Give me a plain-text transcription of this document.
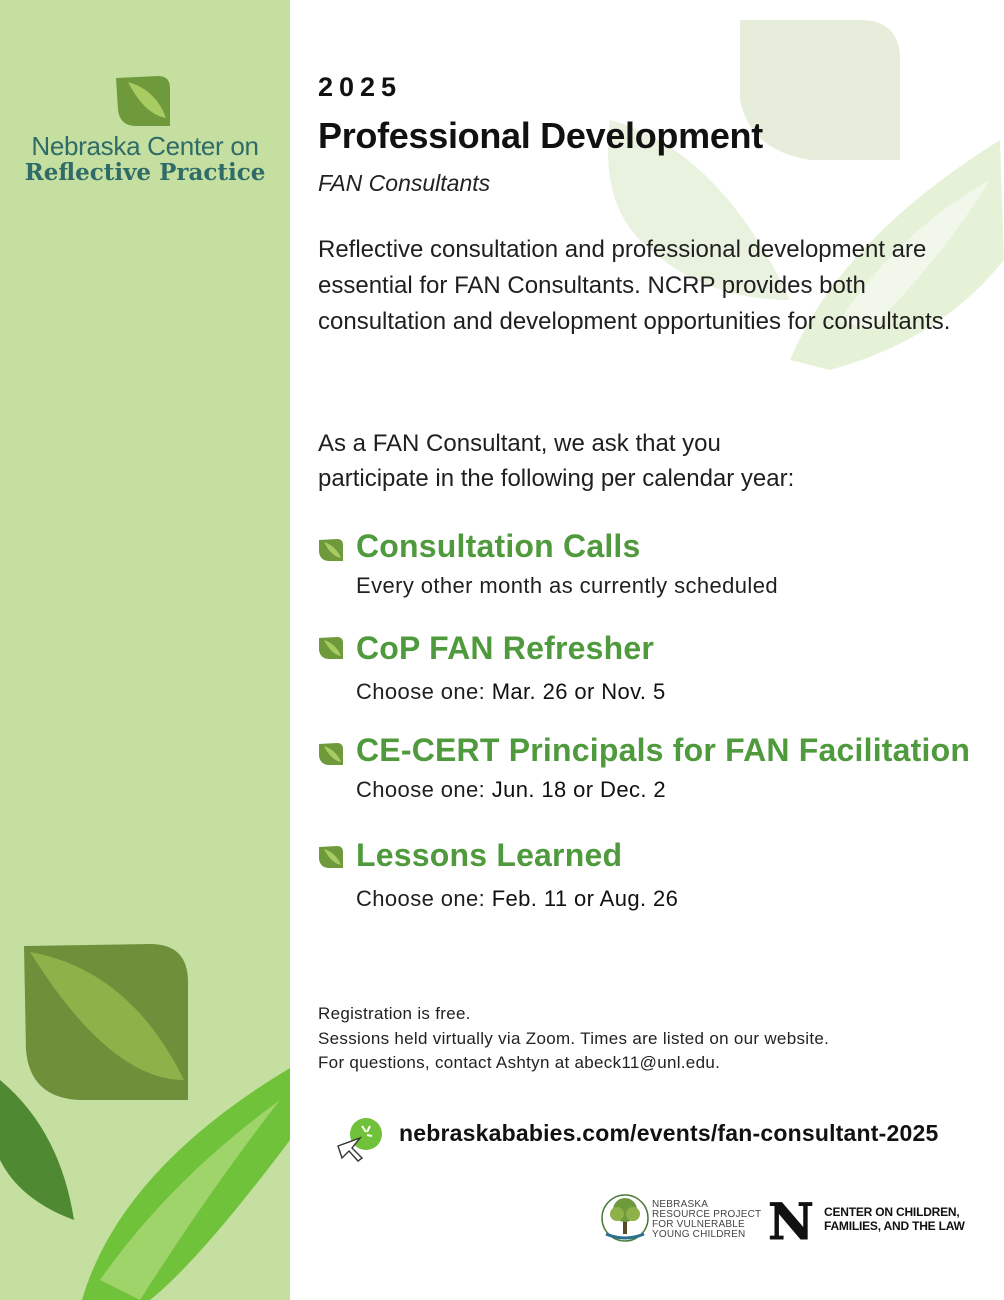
Nebraska Center on
Reflective Practice
2025
Professional Development
FAN Consultants

Reflective consultation and professional development are essential for FAN Consultants. NCRP provides both consultation and development opportunities for consultants.

As a FAN Consultant, we ask that you
participate in the following per calendar year:

Consultation Calls
Every other month as currently scheduled
CoP FAN Refresher
Choose one: Mar. 26 or Nov. 5
CE-CERT Principals for FAN Facilitation
Choose one: Jun. 18 or Dec. 2
Lessons Learned
Choose one: Feb. 11 or Aug. 26

Registration is free.
Sessions held virtually via Zoom. Times are listed on our website.
For questions, contact Ashtyn at abeck11@unl.edu.

nebraskababies.com/events/fan-consultant-2025
NEBRASKA
RESOURCE PROJECT
FOR VULNERABLE
YOUNG CHILDREN N CENTER ON CHILDREN,
FAMILIES, AND THE LAW
